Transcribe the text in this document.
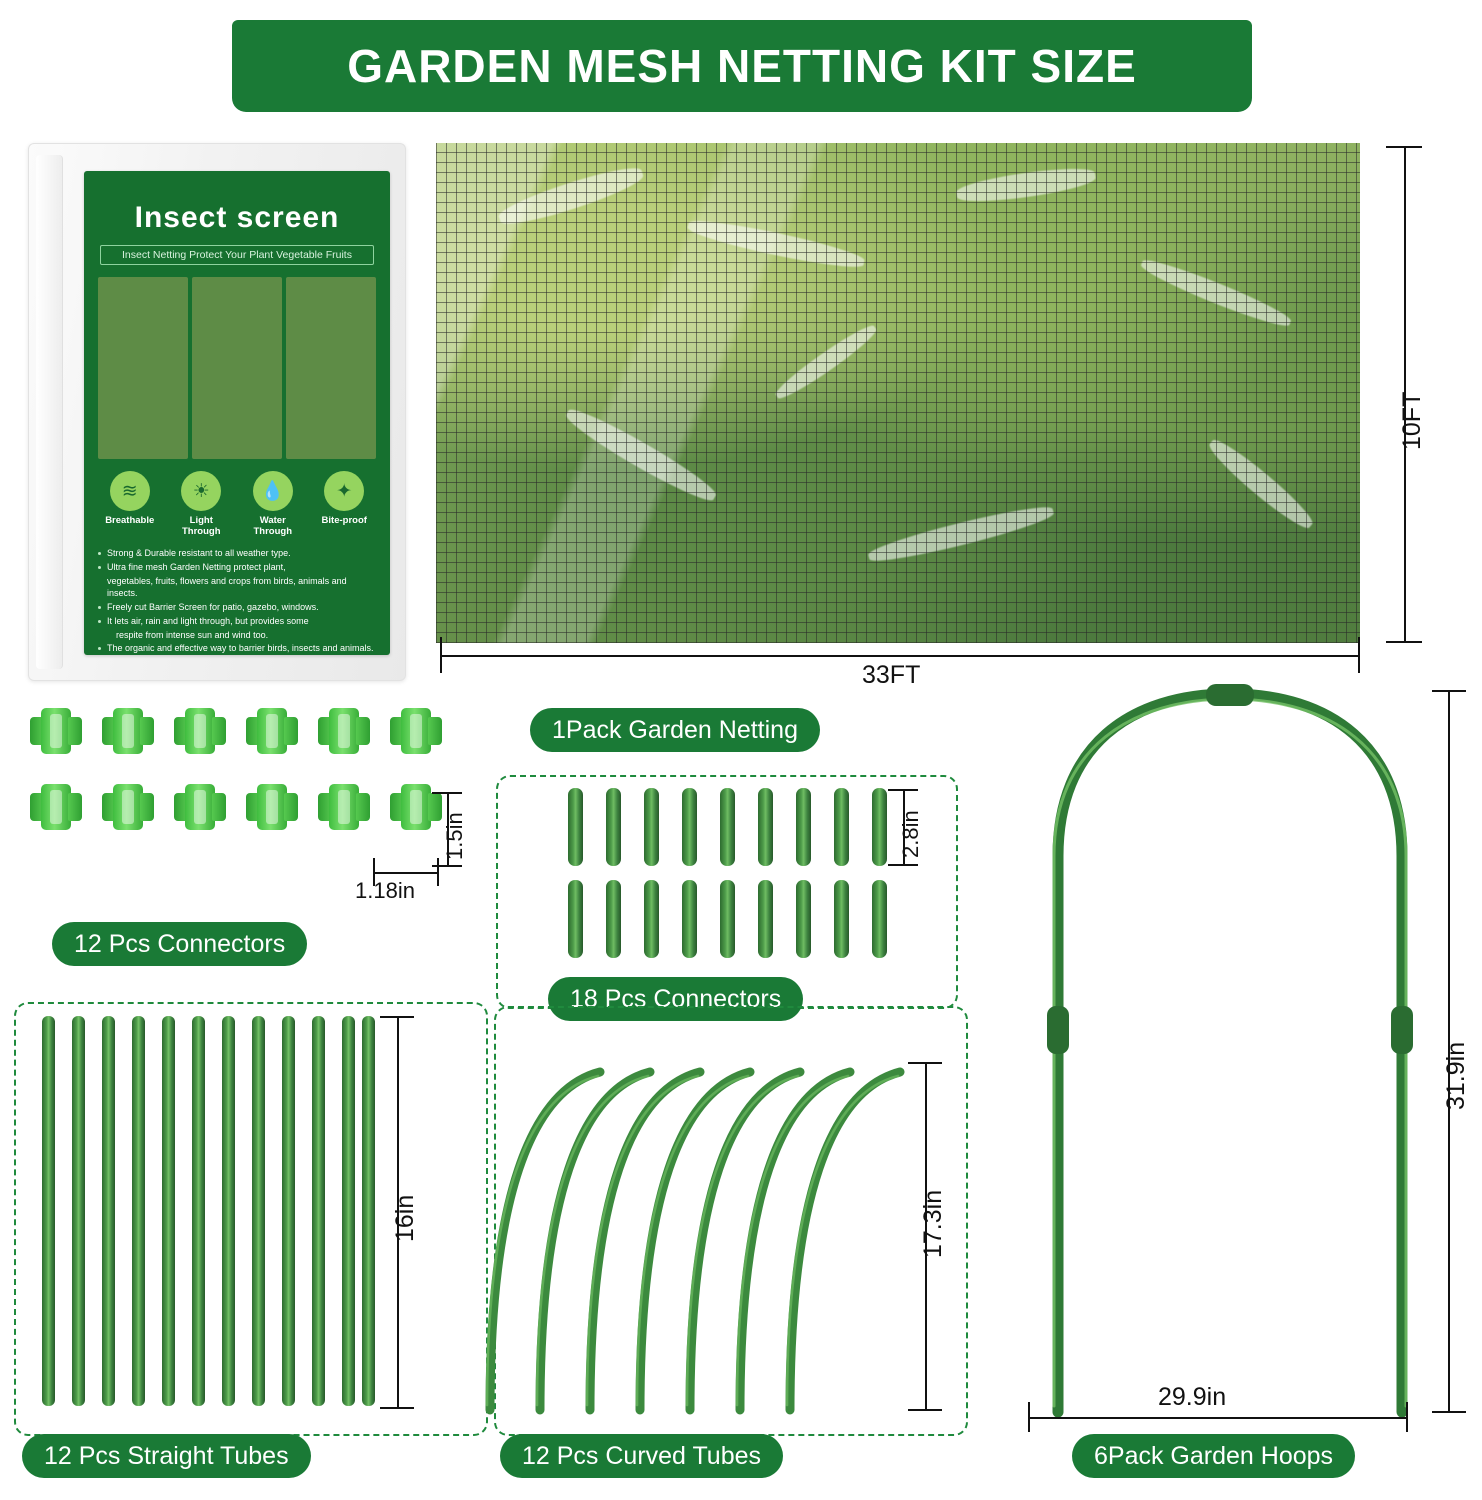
GARDEN MESH NETTING KIT SIZE
Insect screen
Insect Netting Protect Your Plant Vegetable Fruits
≋
Breathable
☀
Light Through
💧
Water Through
✦
Bite-proof
Strong & Durable resistant to all weather type.
Ultra fine mesh Garden Netting protect plant,
vegetables, fruits, flowers and crops from birds, animals and insects.
Freely cut Barrier Screen for patio, gazebo, windows.
It lets air, rain and light through, but provides some
respite from intense sun and wind too.
The organic and effective way to barrier birds, insects and animals.
10FT
33FT
1Pack Garden Netting
1.5in
1.18in
12 Pcs Connectors
2.8in
18 Pcs Connectors
16in
12 Pcs Straight Tubes
17.3in
12 Pcs Curved Tubes
31.9in
29.9in
6Pack Garden Hoops
